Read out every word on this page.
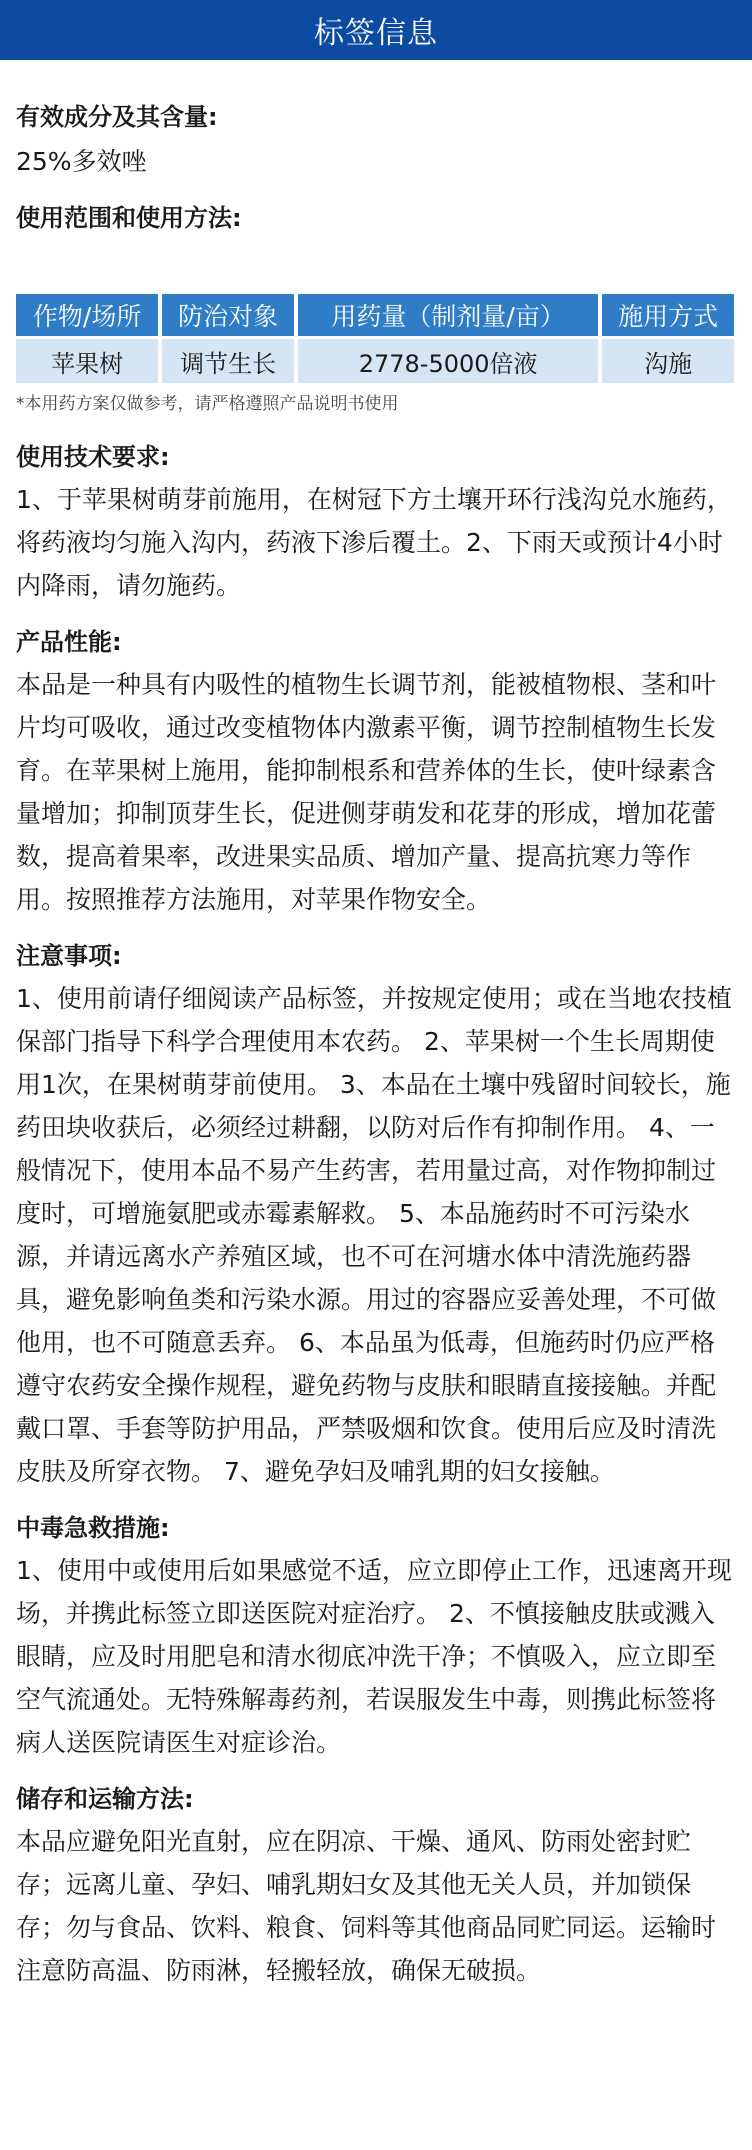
标签信息

有效成分及其含量:

25%多效唑

使用范围和使用方法:

作物/场所	防治对象	用药量（制剂量/亩）	施用方式
苹果树	调节生长	2778-5000倍液	沟施
*本用药方案仅做参考，请严格遵照产品说明书使用

使用技术要求:

1、于苹果树萌芽前施用，在树冠下方土壤开环行浅沟兑水施药，将药液均匀施入沟内，药液下渗后覆土。2、下雨天或预计4小时内降雨，请勿施药。

产品性能:

本品是一种具有内吸性的植物生长调节剂，能被植物根、茎和叶片均可吸收，通过改变植物体内激素平衡，调节控制植物生长发育。在苹果树上施用，能抑制根系和营养体的生长，使叶绿素含量增加；抑制顶芽生长，促进侧芽萌发和花芽的形成，增加花蕾数，提高着果率，改进果实品质、增加产量、提高抗寒力等作用。按照推荐方法施用，对苹果作物安全。

注意事项:

1、使用前请仔细阅读产品标签，并按规定使用；或在当地农技植保部门指导下科学合理使用本农药。 2、苹果树一个生长周期使用1次，在果树萌芽前使用。 3、本品在土壤中残留时间较长，施药田块收获后，必须经过耕翻，以防对后作有抑制作用。 4、一般情况下，使用本品不易产生药害，若用量过高，对作物抑制过度时，可增施氨肥或赤霉素解救。 5、本品施药时不可污染水源，并请远离水产养殖区域，也不可在河塘水体中清洗施药器具，避免影响鱼类和污染水源。用过的容器应妥善处理，不可做他用，也不可随意丢弃。 6、本品虽为低毒，但施药时仍应严格遵守农药安全操作规程，避免药物与皮肤和眼睛直接接触。并配戴口罩、手套等防护用品，严禁吸烟和饮食。使用后应及时清洗皮肤及所穿衣物。 7、避免孕妇及哺乳期的妇女接触。

中毒急救措施:

1、使用中或使用后如果感觉不适，应立即停止工作，迅速离开现场，并携此标签立即送医院对症治疗。 2、不慎接触皮肤或溅入眼睛，应及时用肥皂和清水彻底冲洗干净；不慎吸入，应立即至空气流通处。无特殊解毒药剂，若误服发生中毒，则携此标签将病人送医院请医生对症诊治。

储存和运输方法:

本品应避免阳光直射，应在阴凉、干燥、通风、防雨处密封贮存；远离儿童、孕妇、哺乳期妇女及其他无关人员，并加锁保存；勿与食品、饮料、粮食、饲料等其他商品同贮同运。运输时注意防高温、防雨淋，轻搬轻放，确保无破损。
